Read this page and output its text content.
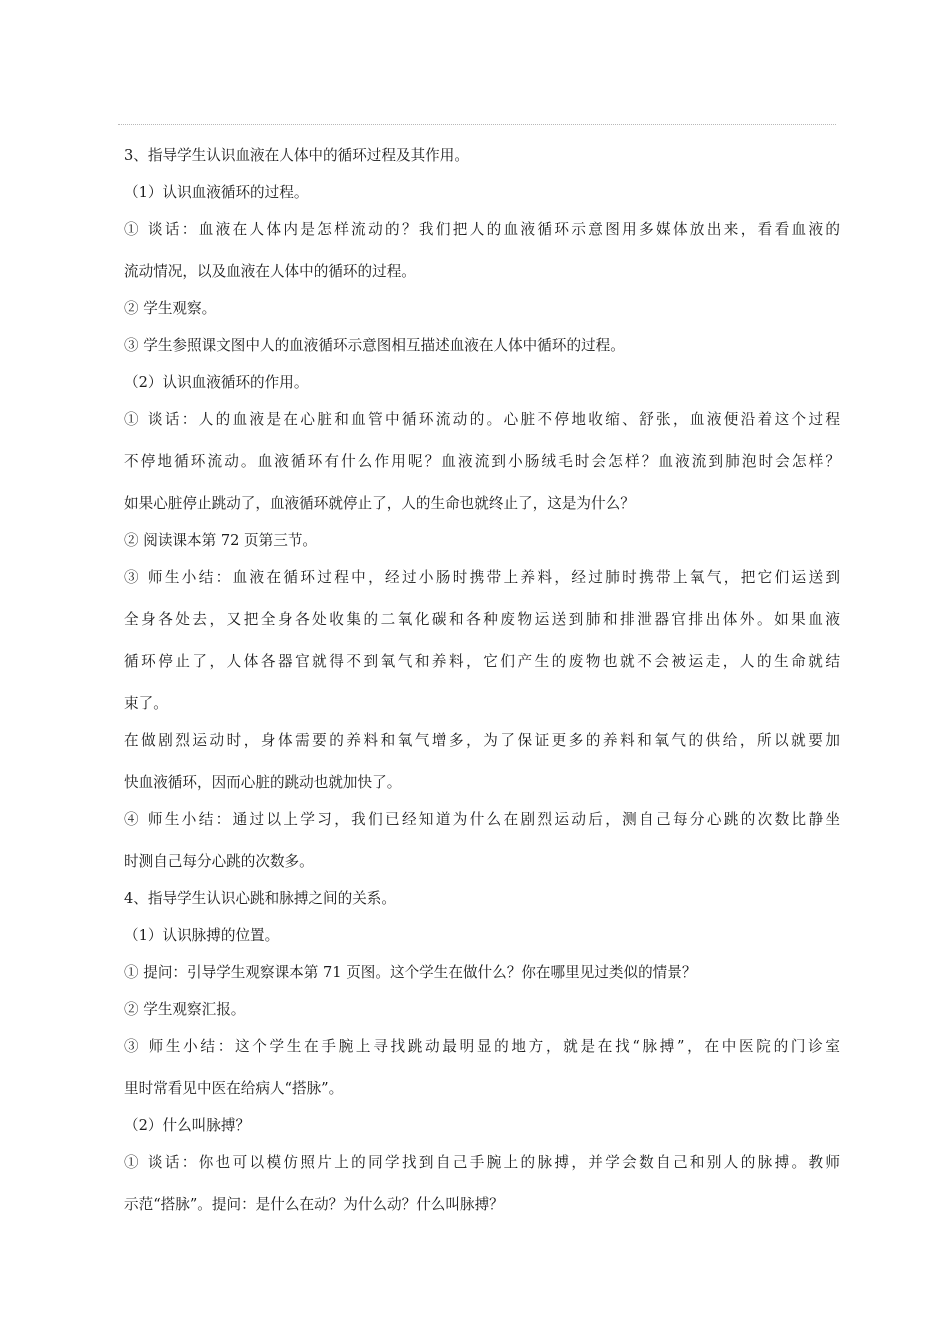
3、指导学生认识血液在人体中的循环过程及其作用。

（1）认识血液循环的过程。

① 谈话：血液在人体内是怎样流动的？我们把人的血液循环示意图用多媒体放出来，看看血液的

流动情况，以及血液在人体中的循环的过程。

② 学生观察。

③ 学生参照课文图中人的血液循环示意图相互描述血液在人体中循环的过程。

（2）认识血液循环的作用。

① 谈话：人的血液是在心脏和血管中循环流动的。心脏不停地收缩、舒张，血液便沿着这个过程

不停地循环流动。血液循环有什么作用呢？血液流到小肠绒毛时会怎样？血液流到肺泡时会怎样？

如果心脏停止跳动了，血液循环就停止了，人的生命也就终止了，这是为什么？

② 阅读课本第 72 页第三节。

③ 师生小结：血液在循环过程中，经过小肠时携带上养料，经过肺时携带上氧气，把它们运送到

全身各处去，又把全身各处收集的二氧化碳和各种废物运送到肺和排泄器官排出体外。如果血液

循环停止了，人体各器官就得不到氧气和养料，它们产生的废物也就不会被运走，人的生命就结

束了。

在做剧烈运动时，身体需要的养料和氧气增多，为了保证更多的养料和氧气的供给，所以就要加

快血液循环，因而心脏的跳动也就加快了。

④ 师生小结：通过以上学习，我们已经知道为什么在剧烈运动后，测自己每分心跳的次数比静坐

时测自己每分心跳的次数多。

4、指导学生认识心跳和脉搏之间的关系。

（1）认识脉搏的位置。

① 提问：引导学生观察课本第 71 页图。这个学生在做什么？你在哪里见过类似的情景？

② 学生观察汇报。

③ 师生小结：这个学生在手腕上寻找跳动最明显的地方，就是在找“脉搏”，在中医院的门诊室

里时常看见中医在给病人“搭脉”。

（2）什么叫脉搏？

① 谈话：你也可以模仿照片上的同学找到自己手腕上的脉搏，并学会数自己和别人的脉搏。教师

示范“搭脉”。提问：是什么在动？为什么动？什么叫脉搏？
